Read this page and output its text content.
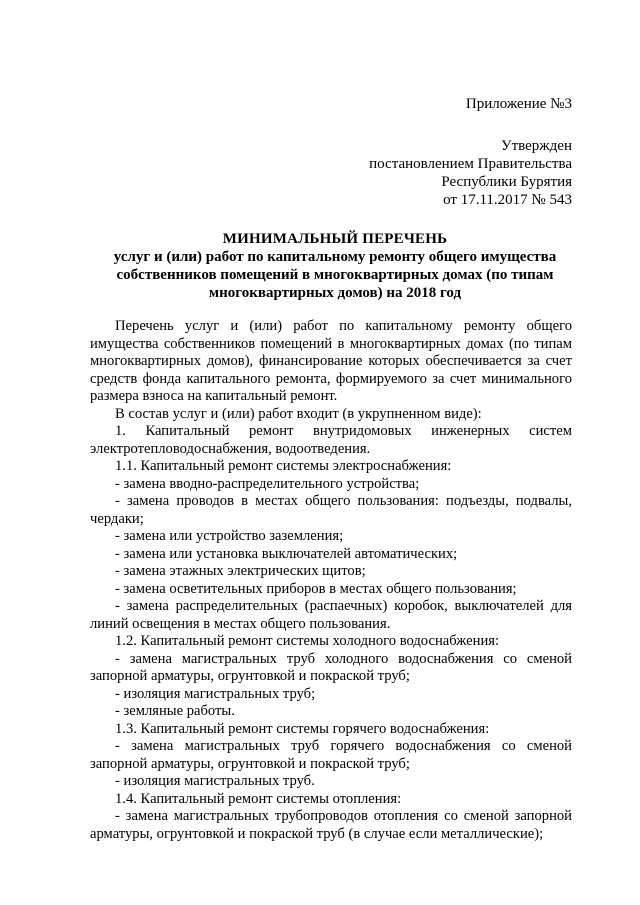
Приложение №3
Утвержден
постановлением Правительства
Республики Бурятия
от 17.11.2017 № 543
МИНИМАЛЬНЫЙ ПЕРЕЧЕНЬ
услуг и (или) работ по капитальному ремонту общего имущества
собственников помещений в многоквартирных домах (по типам
многоквартирных домов) на 2018 год

Перечень услуг и (или) работ по капитальному ремонту общего имущества собственников помещений в многоквартирных домах (по типам многоквартирных домов), финансирование которых обеспечивается за счет средств фонда капитального ремонта, формируемого за счет минимального размера взноса на капитальный ремонт.

В состав услуг и (или) работ входит (в укрупненном виде):

1. Капитальный ремонт внутридомовых инженерных систем электротепловодоснабжения, водоотведения.

1.1. Капитальный ремонт системы электроснабжения:

- замена вводно-распределительного устройства;

- замена проводов в местах общего пользования: подъезды, подвалы, чердаки;

- замена или устройство заземления;

- замена или установка выключателей автоматических;

- замена этажных электрических щитов;

- замена осветительных приборов в местах общего пользования;

- замена распределительных (распаечных) коробок, выключателей для линий освещения в местах общего пользования.

1.2. Капитальный ремонт системы холодного водоснабжения:

- замена магистральных труб холодного водоснабжения со сменой запорной арматуры, огрунтовкой и покраской труб;

- изоляция магистральных труб;

- земляные работы.

1.3. Капитальный ремонт системы горячего водоснабжения:

- замена магистральных труб горячего водоснабжения со сменой запорной арматуры, огрунтовкой и покраской труб;

- изоляция магистральных труб.

1.4. Капитальный ремонт системы отопления:

- замена магистральных трубопроводов отопления со сменой запорной арматуры, огрунтовкой и покраской труб (в случае если металлические);
